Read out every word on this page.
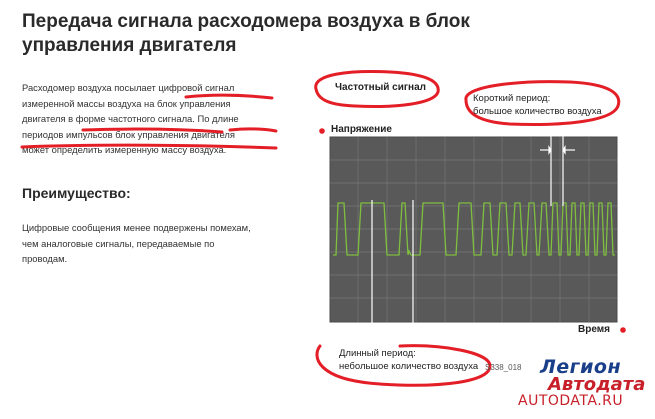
Передача сигнала расходомера воздуха в блок управления двигателя
Расходомер воздуха посылает цифровой сигнал
измеренной массы воздуха на блок управления
двигателя в форме частотного сигнала. По длине
периодов импульсов блок управления двигателя
может определить измеренную массу воздуха.
Преимущество:
Цифровые сообщения менее подвержены помехам,
чем аналоговые сигналы, передаваемые по
проводам.
Частотный сигнал
Короткий период:
большое количество воздуха
Напряжение
Время
Длинный период:
небольшое количество воздуха S338_018 Легион
Автодата
AUTODATA.RU
